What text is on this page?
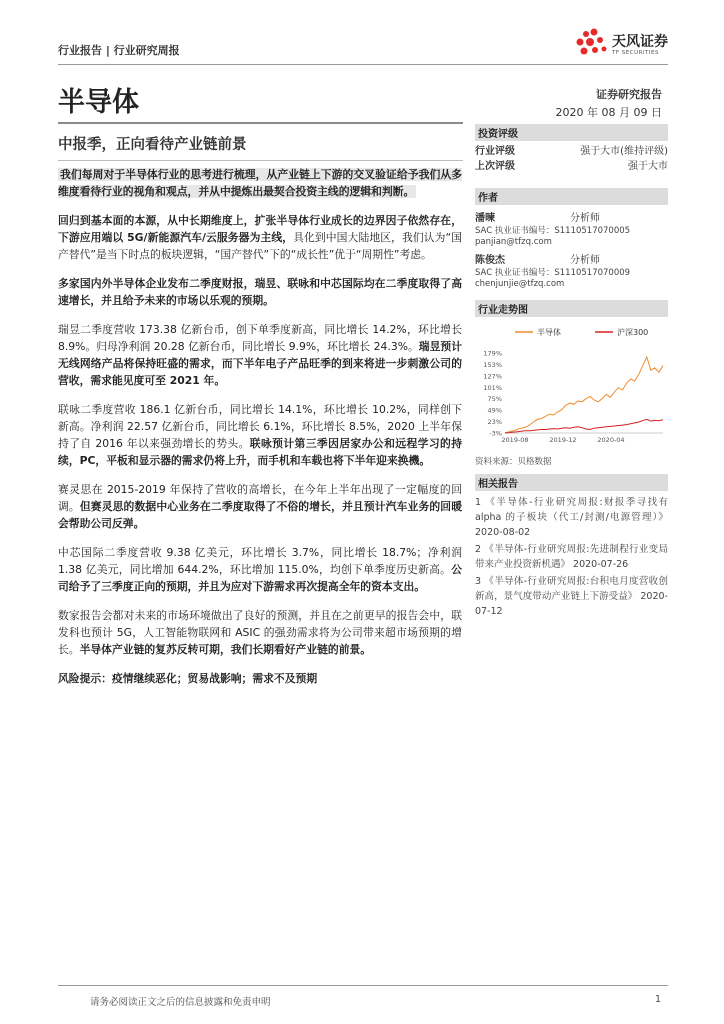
行业报告 | 行业研究周报
天风证券
TF SECURITIES
半导体	证券研究报告
2020 年 08 月 09 日
中报季，正向看待产业链前景

我们每周对于半导体行业的思考进行梳理，从产业链上下游的交叉验证给予我们从多维度看待行业的视角和观点，并从中提炼出最契合投资主线的逻辑和判断。

回归到基本面的本源，从中长期维度上，扩张半导体行业成长的边界因子依然存在，下游应用端以 5G/新能源汽车/云服务器为主线，具化到中国大陆地区，我们认为“国产替代”是当下时点的板块逻辑，“国产替代”下的“成长性”优于“周期性”考虑。

多家国内外半导体企业发布二季度财报，瑞昱、联咏和中芯国际均在二季度取得了高速增长，并且给予未来的市场以乐观的预期。

瑞昱二季度营收 173.38 亿新台币，创下单季度新高，同比增长 14.2%，环比增长 8.9%。归母净利润 20.28 亿新台币，同比增长 9.9%，环比增长 24.3%。瑞昱预计无线网络产品将保持旺盛的需求，而下半年电子产品旺季的到来将进一步刺激公司的营收，需求能见度可至 2021 年。

联咏二季度营收 186.1 亿新台币，同比增长 14.1%，环比增长 10.2%，同样创下新高。净利润 22.57 亿新台币，同比增长 6.1%，环比增长 8.5%，2020 上半年保持了自 2016 年以来强劲增长的势头。联咏预计第三季因居家办公和远程学习的持续，PC，平板和显示器的需求仍将上升，而手机和车载也将下半年迎来换機。

赛灵思在 2015-2019 年保持了营收的高增长，在今年上半年出现了一定幅度的回调。但赛灵思的数据中心业务在二季度取得了不俗的增长，并且预计汽车业务的回暖会帮助公司反弹。

中芯国际二季度营收 9.38 亿美元，环比增长 3.7%，同比增长 18.7%；净利润 1.38 亿美元，同比增加 644.2%，环比增加 115.0%，均创下单季度历史新高。公司给予了三季度正向的预期，并且为应对下游需求再次提高全年的资本支出。

数家报告会都对未来的市场环境做出了良好的预测，并且在之前更早的报告会中，联发科也预计 5G，人工智能物联网和 ASIC 的强劲需求将为公司带来超市场预期的增长。半导体产业链的复苏反转可期，我们长期看好产业链的前景。

风险提示：疫情继续恶化；贸易战影响；需求不及预期

投资评级
行业评级	强于大市(维持评级)
上次评级	强于大市
作者
潘暕	分析师
SAC 执业证书编号：S1110517070005
panjian@tfzq.com
陈俊杰	分析师
SAC 执业证书编号：S1110517070009
chenjunjie@tfzq.com
行业走势图
半导体	沪深300
179%
153%
127%
101%
75%
49%
23%
-3%
2019-08	2019-12	2020-04
资料来源：贝格数据
相关报告
1 《半导体-行业研究周报:财报季寻找有 alpha 的子板块（代工/封测/电源管理）》 2020-08-02
2 《半导体-行业研究周报:先进制程行业变局带来产业投资新机遇》 2020-07-26
3 《半导体-行业研究周报:台积电月度营收创新高，景气度带动产业链上下游受益》 2020-07-12
请务必阅读正文之后的信息披露和免责申明	1
